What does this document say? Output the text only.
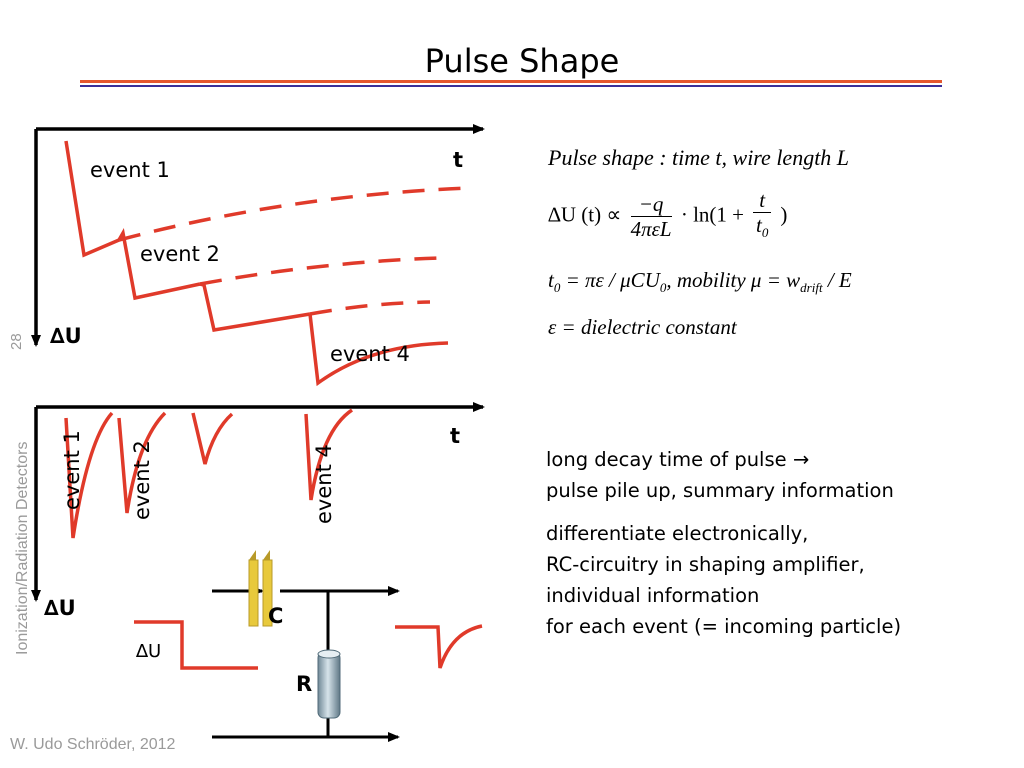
Pulse Shape
28
Ionization/Radiation Detectors
W. Udo Schröder, 2012
event 1
event 2
event 4
t
∆U
event 1 event 2	event 4
t
∆U	C
R
∆U
Pulse shape : time t, wire length L
∆U $(t) \propto \frac{-q}{\text{4πεL}} \cdot \ln(1 + \frac{t}{t_0}$ )
$t_0 = \pi\varepsilon / \mu CU_0$, mobility $\mu = w_{drift} / E$
ε = dielectric constant
long decay time of pulse →
pulse pile up, summary information
differentiate electronically,
RC-circuitry in shaping amplifier,
individual information
for each event (= incoming particle)
